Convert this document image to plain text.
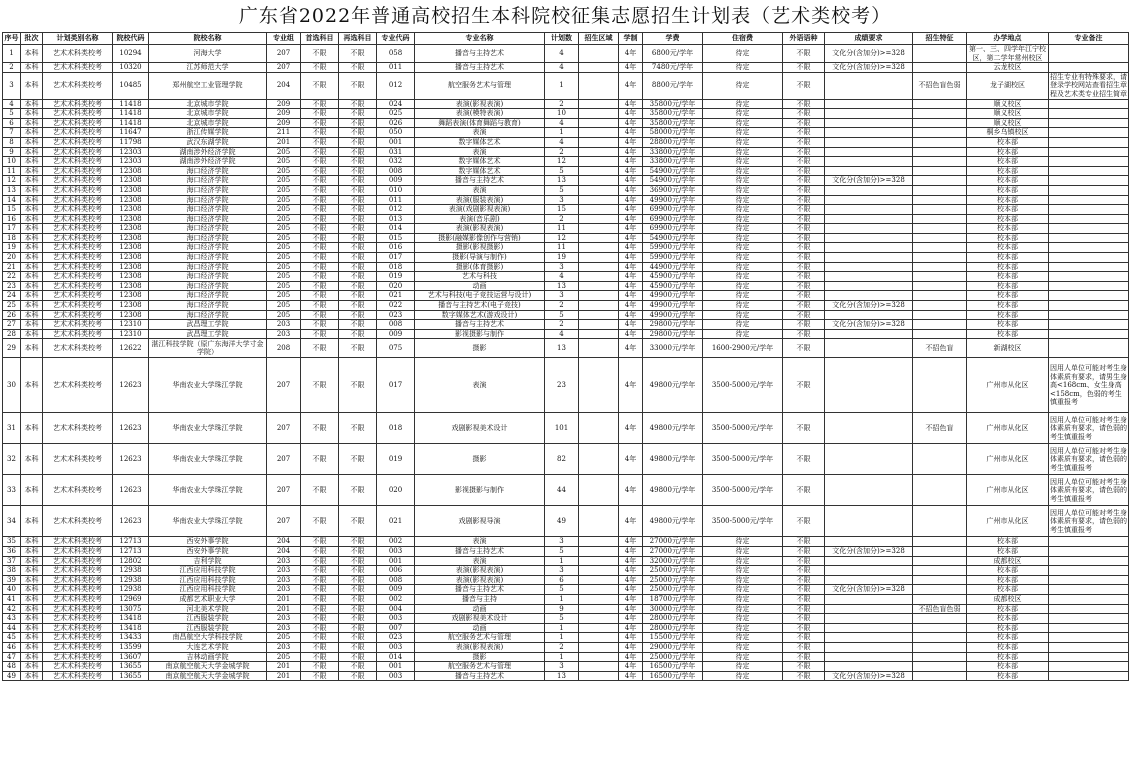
广东省2022年普通高校招生本科院校征集志愿招生计划表（艺术类校考）
序号	批次	计划类别名称	院校代码	院校名称	专业组	首选科目	再选科目	专业代码	专业名称	计划数	招生区域	学制	学费	住宿费	外语语种	成绩要求	招生特征	办学地点	专业备注
1	本科	艺术术科类校考	10294	河海大学	207	不限	不限	058	播音与主持艺术	4		4年	6800元/学年	待定	不限	文化分(含加分)>=328		第一、三、四学年江宁校区，第二学年常州校区	
2	本科	艺术术科类校考	10320	江苏师范大学	207	不限	不限	011	播音与主持艺术	4		4年	7480元/学年	待定	不限	文化分(含加分)>=328		云龙校区	
3	本科	艺术术科类校考	10485	郑州航空工业管理学院	204	不限	不限	012	航空服务艺术与管理	1		4年	8800元/学年	待定	不限		不招色盲色弱	龙子湖校区	招生专业有特殊要求，请登录学校网站查看招生章程及艺术类专业招生简章
4	本科	艺术术科类校考	11418	北京城市学院	209	不限	不限	024	表演(影视表演)	2		4年	35800元/学年	待定	不限			顺义校区	
5	本科	艺术术科类校考	11418	北京城市学院	209	不限	不限	025	表演(模特表演)	10		4年	35800元/学年	待定	不限			顺义校区	
6	本科	艺术术科类校考	11418	北京城市学院	209	不限	不限	026	舞蹈表演(体育舞蹈与教育)	4		4年	35800元/学年	待定	不限			顺义校区	
7	本科	艺术术科类校考	11647	浙江传媒学院	211	不限	不限	050	表演	1		4年	58000元/学年	待定	不限			桐乡乌镇校区	
8	本科	艺术术科类校考	11798	武汉东湖学院	201	不限	不限	001	数字媒体艺术	4		4年	28800元/学年	待定	不限			校本部	
9	本科	艺术术科类校考	12303	湖南涉外经济学院	205	不限	不限	031	表演	2		4年	33800元/学年	待定	不限			校本部	
10	本科	艺术术科类校考	12303	湖南涉外经济学院	205	不限	不限	032	数字媒体艺术	12		4年	33800元/学年	待定	不限			校本部	
11	本科	艺术术科类校考	12308	海口经济学院	205	不限	不限	008	数字媒体艺术	5		4年	54900元/学年	待定	不限			校本部	
12	本科	艺术术科类校考	12308	海口经济学院	205	不限	不限	009	播音与主持艺术	13		4年	54900元/学年	待定	不限	文化分(含加分)>=328		校本部	
13	本科	艺术术科类校考	12308	海口经济学院	205	不限	不限	010	表演	5		4年	36900元/学年	待定	不限			校本部	
14	本科	艺术术科类校考	12308	海口经济学院	205	不限	不限	011	表演(服装表演)	3		4年	49900元/学年	待定	不限			校本部	
15	本科	艺术术科类校考	12308	海口经济学院	205	不限	不限	012	表演(戏剧影视表演)	15		4年	69900元/学年	待定	不限			校本部	
16	本科	艺术术科类校考	12308	海口经济学院	205	不限	不限	013	表演(音乐剧)	2		4年	69900元/学年	待定	不限			校本部	
17	本科	艺术术科类校考	12308	海口经济学院	205	不限	不限	014	表演(影视表演)	11		4年	69900元/学年	待定	不限			校本部	
18	本科	艺术术科类校考	12308	海口经济学院	205	不限	不限	015	摄影(融媒影像创作与营销)	12		4年	54900元/学年	待定	不限			校本部	
19	本科	艺术术科类校考	12308	海口经济学院	205	不限	不限	016	摄影(影视摄影)	11		4年	59900元/学年	待定	不限			校本部	
20	本科	艺术术科类校考	12308	海口经济学院	205	不限	不限	017	摄影(导演与制作)	19		4年	59900元/学年	待定	不限			校本部	
21	本科	艺术术科类校考	12308	海口经济学院	205	不限	不限	018	摄影(体育摄影)	3		4年	44900元/学年	待定	不限			校本部	
22	本科	艺术术科类校考	12308	海口经济学院	205	不限	不限	019	艺术与科技	4		4年	45900元/学年	待定	不限			校本部	
23	本科	艺术术科类校考	12308	海口经济学院	205	不限	不限	020	动画	13		4年	45900元/学年	待定	不限			校本部	
24	本科	艺术术科类校考	12308	海口经济学院	205	不限	不限	021	艺术与科技(电子竞技运营与设计)	3		4年	49900元/学年	待定	不限			校本部	
25	本科	艺术术科类校考	12308	海口经济学院	205	不限	不限	022	播音与主持艺术(电子竞技)	2		4年	49900元/学年	待定	不限	文化分(含加分)>=328		校本部	
26	本科	艺术术科类校考	12308	海口经济学院	205	不限	不限	023	数字媒体艺术(游戏设计)	5		4年	49900元/学年	待定	不限			校本部	
27	本科	艺术术科类校考	12310	武昌理工学院	203	不限	不限	008	播音与主持艺术	2		4年	29800元/学年	待定	不限	文化分(含加分)>=328		校本部	
28	本科	艺术术科类校考	12310	武昌理工学院	203	不限	不限	009	影视摄影与制作	4		4年	29800元/学年	待定	不限			校本部	
29	本科	艺术术科类校考	12622	湛江科技学院（原广东海洋大学寸金学院）	208	不限	不限	075	摄影	13		4年	33000元/学年	1600-2900元/学年	不限		不招色盲	新湖校区	
30	本科	艺术术科类校考	12623	华南农业大学珠江学院	207	不限	不限	017	表演	23		4年	49800元/学年	3500-5000元/学年	不限			广州市从化区	因用人单位可能对考生身体素质有要求，请男生身高<168cm、女生身高<158cm，色弱的考生慎重报考
31	本科	艺术术科类校考	12623	华南农业大学珠江学院	207	不限	不限	018	戏剧影视美术设计	101		4年	49800元/学年	3500-5000元/学年	不限		不招色盲	广州市从化区	因用人单位可能对考生身体素质有要求，请色弱的考生慎重报考
32	本科	艺术术科类校考	12623	华南农业大学珠江学院	207	不限	不限	019	摄影	82		4年	49800元/学年	3500-5000元/学年	不限			广州市从化区	因用人单位可能对考生身体素质有要求，请色弱的考生慎重报考
33	本科	艺术术科类校考	12623	华南农业大学珠江学院	207	不限	不限	020	影视摄影与制作	44		4年	49800元/学年	3500-5000元/学年	不限			广州市从化区	因用人单位可能对考生身体素质有要求，请色弱的考生慎重报考
34	本科	艺术术科类校考	12623	华南农业大学珠江学院	207	不限	不限	021	戏剧影视导演	49		4年	49800元/学年	3500-5000元/学年	不限			广州市从化区	因用人单位可能对考生身体素质有要求，请色弱的考生慎重报考
35	本科	艺术术科类校考	12713	西安外事学院	204	不限	不限	002	表演	3		4年	27000元/学年	待定	不限			校本部	
36	本科	艺术术科类校考	12713	西安外事学院	204	不限	不限	003	播音与主持艺术	5		4年	27000元/学年	待定	不限	文化分(含加分)>=328		校本部	
37	本科	艺术术科类校考	12802	吉利学院	203	不限	不限	001	表演	1		4年	32000元/学年	待定	不限			成都校区	
38	本科	艺术术科类校考	12938	江西应用科技学院	203	不限	不限	006	表演(影视表演)	3		4年	25000元/学年	待定	不限			校本部	
39	本科	艺术术科类校考	12938	江西应用科技学院	203	不限	不限	008	表演(影视表演)	6		4年	25000元/学年	待定	不限			校本部	
40	本科	艺术术科类校考	12938	江西应用科技学院	203	不限	不限	009	播音与主持艺术	5		4年	25000元/学年	待定	不限	文化分(含加分)>=328		校本部	
41	本科	艺术术科类校考	12969	成都艺术职业大学	201	不限	不限	002	播音与主持	1		4年	18700元/学年	待定	不限			成都校区	
42	本科	艺术术科类校考	13075	河北美术学院	201	不限	不限	004	动画	9		4年	30000元/学年	待定	不限		不招色盲色弱	校本部	
43	本科	艺术术科类校考	13418	江西服装学院	203	不限	不限	003	戏剧影视美术设计	5		4年	28000元/学年	待定	不限			校本部	
44	本科	艺术术科类校考	13418	江西服装学院	203	不限	不限	007	动画	1		4年	28000元/学年	待定	不限			校本部	
45	本科	艺术术科类校考	13433	南昌航空大学科技学院	205	不限	不限	023	航空服务艺术与管理	1		4年	15500元/学年	待定	不限			校本部	
46	本科	艺术术科类校考	13599	大连艺术学院	203	不限	不限	003	表演(影视表演)	2		4年	29000元/学年	待定	不限			校本部	
47	本科	艺术术科类校考	13607	吉林动画学院	205	不限	不限	014	摄影	1		4年	25000元/学年	待定	不限			校本部	
48	本科	艺术术科类校考	13655	南京航空航天大学金城学院	201	不限	不限	001	航空服务艺术与管理	3		4年	16500元/学年	待定	不限			校本部	
49	本科	艺术术科类校考	13655	南京航空航天大学金城学院	201	不限	不限	003	播音与主持艺术	13		4年	16500元/学年	待定	不限	文化分(含加分)>=328		校本部	
